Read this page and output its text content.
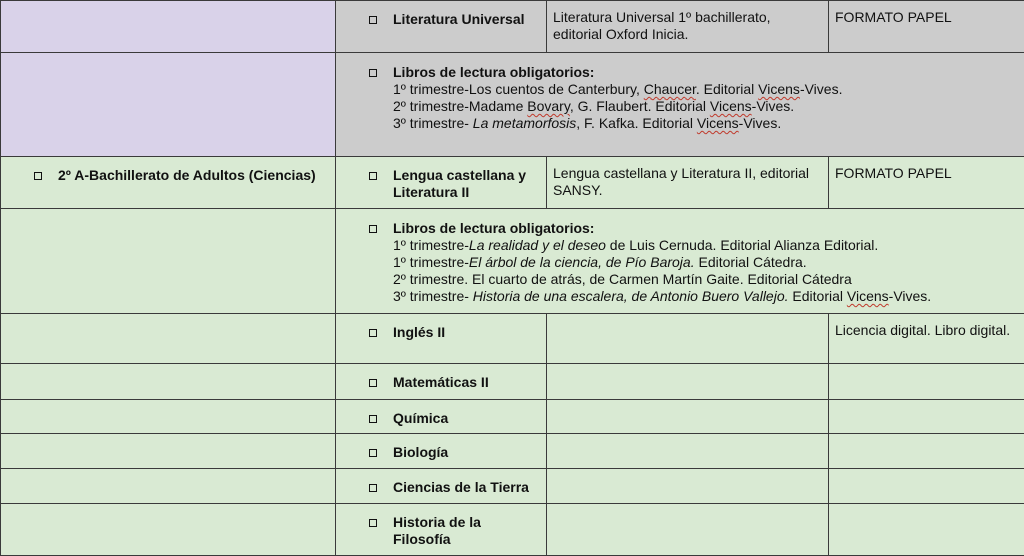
Literatura Universal	Literatura Universal 1º bachillerato, editorial Oxford Inicia.	FORMATO PAPEL

Libros de lectura obligatorios:
1º trimestre-Los cuentos de Canterbury, Chaucer. Editorial Vicens-Vives.
2º trimestre-Madame Bovary, G. Flaubert. Editorial Vicens-Vives.
3º trimestre- La metamorfosis, F. Kafka. Editorial Vicens-Vives.		

2º A-Bachillerato de Adultos (Ciencias)	Lengua castellana y Literatura II	Lengua castellana y Literatura II, editorial SANSY.	FORMATO PAPEL

Libros de lectura obligatorios:
1º trimestre-La realidad y el deseo de Luis Cernuda. Editorial Alianza Editorial.
1º trimestre-El árbol de la ciencia, de Pío Baroja. Editorial Cátedra.
2º trimestre. El cuarto de atrás, de Carmen Martín Gaite. Editorial Cátedra
3º trimestre- Historia de una escalera, de Antonio Buero Vallejo. Editorial Vicens-Vives.		

Inglés II		Licencia digital. Libro digital.

Matemáticas II		

Química		

Biología		

Ciencias de la Tierra		

Historia de la Filosofía		
